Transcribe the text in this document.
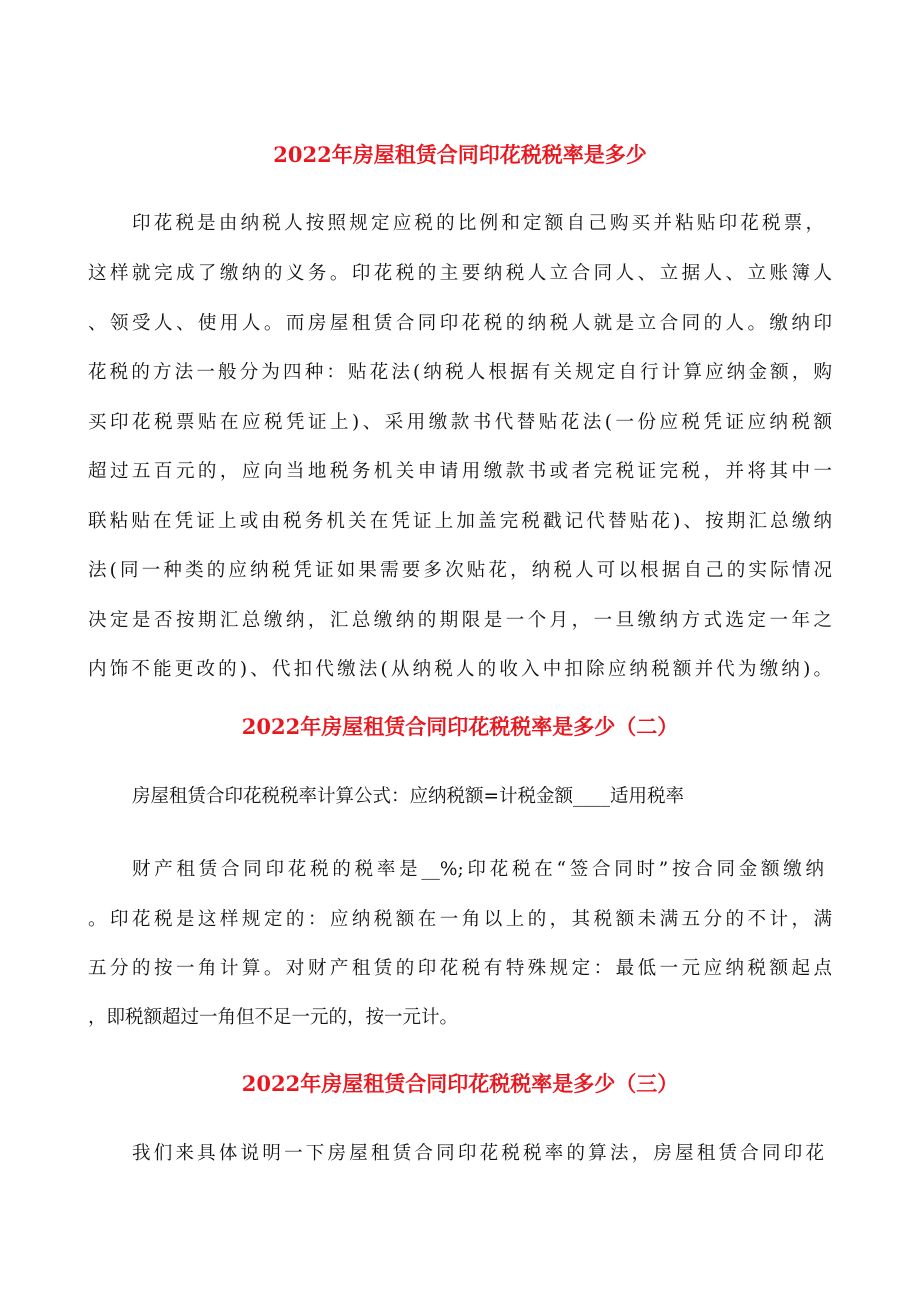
2022年房屋租赁合同印花税税率是多少
印花税是由纳税人按照规定应税的比例和定额自己购买并粘贴印花税票，
这样就完成了缴纳的义务。印花税的主要纳税人立合同人、立据人、立账簿人
、领受人、使用人。而房屋租赁合同印花税的纳税人就是立合同的人。缴纳印
花税的方法一般分为四种：贴花法(纳税人根据有关规定自行计算应纳金额，购
买印花税票贴在应税凭证上)、采用缴款书代替贴花法(一份应税凭证应纳税额
超过五百元的，应向当地税务机关申请用缴款书或者完税证完税，并将其中一
联粘贴在凭证上或由税务机关在凭证上加盖完税戳记代替贴花)、按期汇总缴纳
法(同一种类的应纳税凭证如果需要多次贴花，纳税人可以根据自己的实际情况
决定是否按期汇总缴纳，汇总缴纳的期限是一个月，一旦缴纳方式选定一年之
内饰不能更改的)、代扣代缴法(从纳税人的收入中扣除应纳税额并代为缴纳)。
2022年房屋租赁合同印花税税率是多少（二）
房屋租赁合印花税税率计算公式：应纳税额=计税金额____适用税率
财产租赁合同印花税的税率是__%;印花税在“签合同时”按合同金额缴纳
。印花税是这样规定的：应纳税额在一角以上的，其税额未满五分的不计，满
五分的按一角计算。对财产租赁的印花税有特殊规定：最低一元应纳税额起点
，即税额超过一角但不足一元的，按一元计。
2022年房屋租赁合同印花税税率是多少（三）
我们来具体说明一下房屋租赁合同印花税税率的算法，房屋租赁合同印花
